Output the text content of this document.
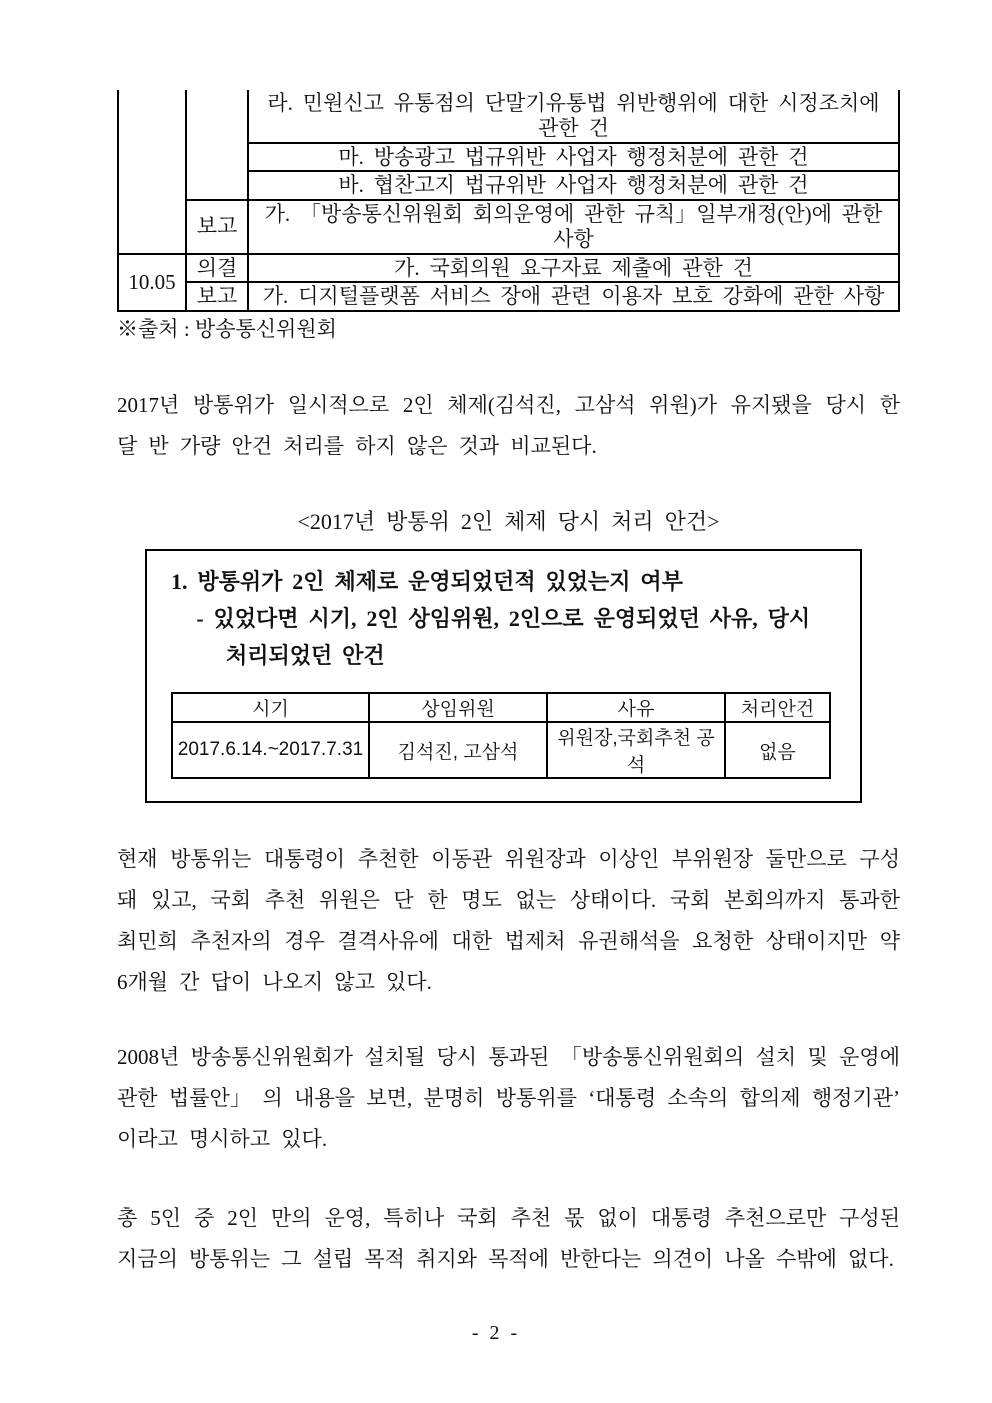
		라. 민원신고 유통점의 단말기유통법 위반행위에 대한 시정조치에 관한 건
		마. 방송광고 법규위반 사업자 행정처분에 관한 건
		바. 협찬고지 법규위반 사업자 행정처분에 관한 건
	보고	가. 「방송통신위원회 회의운영에 관한 규칙」일부개정(안)에 관한 사항
10.05	의결	가. 국회의원 요구자료 제출에 관한 건
	보고	가. 디지털플랫폼 서비스 장애 관련 이용자 보호 강화에 관한 사항
※출처 : 방송통신위원회
2017년 방통위가 일시적으로 2인 체제(김석진, 고삼석 위원)가 유지됐을 당시 한 달 반 가량 안건 처리를 하지 않은 것과 비교된다.
<2017년 방통위 2인 체제 당시 처리 안건>
1. 방통위가 2인 체제로 운영되었던적 있었는지 여부
- 있었다면 시기, 2인 상임위원, 2인으로 운영되었던 사유, 당시 처리되었던 안건
시기	상임위원	사유	처리안건
2017.6.14.~2017.7.31	김석진, 고삼석	위원장,국회추천 공석	없음
현재 방통위는 대통령이 추천한 이동관 위원장과 이상인 부위원장 둘만으로 구성돼 있고, 국회 추천 위원은 단 한 명도 없는 상태이다. 국회 본회의까지 통과한 최민희 추천자의 경우 결격사유에 대한 법제처 유권해석을 요청한 상태이지만 약 6개월 간 답이 나오지 않고 있다.
2008년 방송통신위원회가 설치될 당시 통과된 「방송통신위원회의 설치 및 운영에 관한 법률안」 의 내용을 보면, 분명히 방통위를 ‘대통령 소속의 합의제 행정기관’ 이라고 명시하고 있다.
총 5인 중 2인 만의 운영, 특히나 국회 추천 몫 없이 대통령 추천으로만 구성된 지금의 방통위는 그 설립 목적 취지와 목적에 반한다는 의견이 나올 수밖에 없다.
- 2 -
